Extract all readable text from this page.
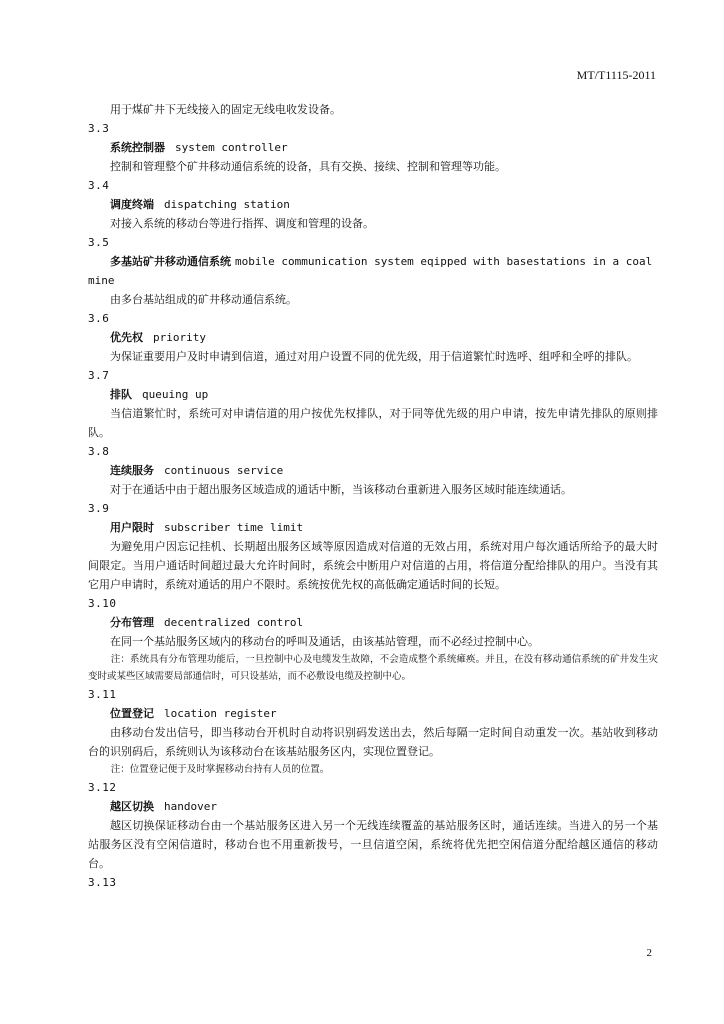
MT/T1115-2011

用于煤矿井下无线接入的固定无线电收发设备。

3.3

系统控制器 system controller

控制和管理整个矿井移动通信系统的设备，具有交换、接续、控制和管理等功能。

3.4

调度终端 dispatching station

对接入系统的移动台等进行指挥、调度和管理的设备。

3.5

多基站矿井移动通信系统 mobile communication system eqipped with basestations in a coal mine

由多台基站组成的矿井移动通信系统。

3.6

优先权 priority

为保证重要用户及时申请到信道，通过对用户设置不同的优先级，用于信道繁忙时选呼、组呼和全呼的排队。

3.7

排队 queuing up

当信道繁忙时，系统可对申请信道的用户按优先权排队，对于同等优先级的用户申请，按先申请先排队的原则排队。

3.8

连续服务 continuous service

对于在通话中由于超出服务区域造成的通话中断，当该移动台重新进入服务区域时能连续通话。

3.9

用户限时 subscriber time limit

为避免用户因忘记挂机、长期超出服务区域等原因造成对信道的无效占用，系统对用户每次通话所给予的最大时间限定。当用户通话时间超过最大允许时间时，系统会中断用户对信道的占用，将信道分配给排队的用户。当没有其它用户申请时，系统对通话的用户不限时。系统按优先权的高低确定通话时间的长短。

3.10

分布管理 decentralized control

在同一个基站服务区域内的移动台的呼叫及通话，由该基站管理，而不必经过控制中心。

注：系统具有分布管理功能后，一旦控制中心及电缆发生故障，不会造成整个系统瘫痪。并且，在没有移动通信系统的矿井发生灾变时或某些区域需要局部通信时，可只设基站，而不必敷设电缆及控制中心。

3.11

位置登记 location register

由移动台发出信号，即当移动台开机时自动将识别码发送出去，然后每隔一定时间自动重发一次。基站收到移动台的识别码后，系统则认为该移动台在该基站服务区内，实现位置登记。

注：位置登记便于及时掌握移动台持有人员的位置。

3.12

越区切换 handover

越区切换保证移动台由一个基站服务区进入另一个无线连续覆盖的基站服务区时，通话连续。当进入的另一个基站服务区没有空闲信道时，移动台也不用重新拨号，一旦信道空闲，系统将优先把空闲信道分配给越区通信的移动台。

3.13

2
